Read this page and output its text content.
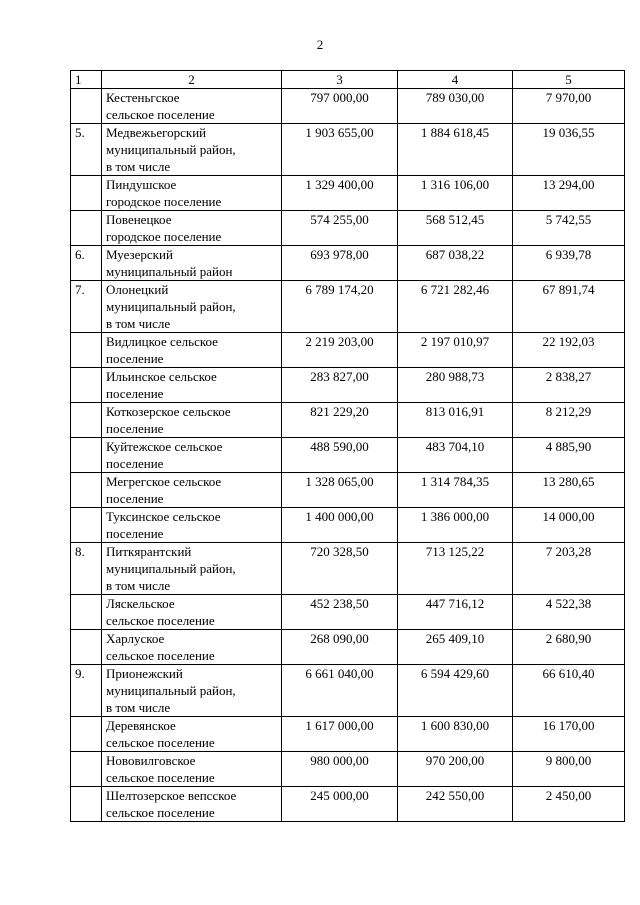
2
1	2	3	4	5
	Кестеньгское
сельское поселение	797 000,00	789 030,00	7 970,00
5.	Медвежьегорский
муниципальный район,
в том числе	1 903 655,00	1 884 618,45	19 036,55
	Пиндушское
городское поселение	1 329 400,00	1 316 106,00	13 294,00
	Повенецкое
городское поселение	574 255,00	568 512,45	5 742,55
6.	Муезерский
муниципальный район	693 978,00	687 038,22	6 939,78
7.	Олонецкий
муниципальный район,
в том числе	6 789 174,20	6 721 282,46	67 891,74
	Видлицкое сельское
поселение	2 219 203,00	2 197 010,97	22 192,03
	Ильинское сельское
поселение	283 827,00	280 988,73	2 838,27
	Коткозерское сельское
поселение	821 229,20	813 016,91	8 212,29
	Куйтежское сельское
поселение	488 590,00	483 704,10	4 885,90
	Мегрегское сельское
поселение	1 328 065,00	1 314 784,35	13 280,65
	Туксинское сельское
поселение	1 400 000,00	1 386 000,00	14 000,00
8.	Питкярантский
муниципальный район,
в том числе	720 328,50	713 125,22	7 203,28
	Ляскельское
сельское поселение	452 238,50	447 716,12	4 522,38
	Харлуское
сельское поселение	268 090,00	265 409,10	2 680,90
9.	Прионежский
муниципальный район,
в том числе	6 661 040,00	6 594 429,60	66 610,40
	Деревянское
сельское поселение	1 617 000,00	1 600 830,00	16 170,00
	Нововилговское
сельское поселение	980 000,00	970 200,00	9 800,00
	Шелтозерское вепсское
сельское поселение	245 000,00	242 550,00	2 450,00
